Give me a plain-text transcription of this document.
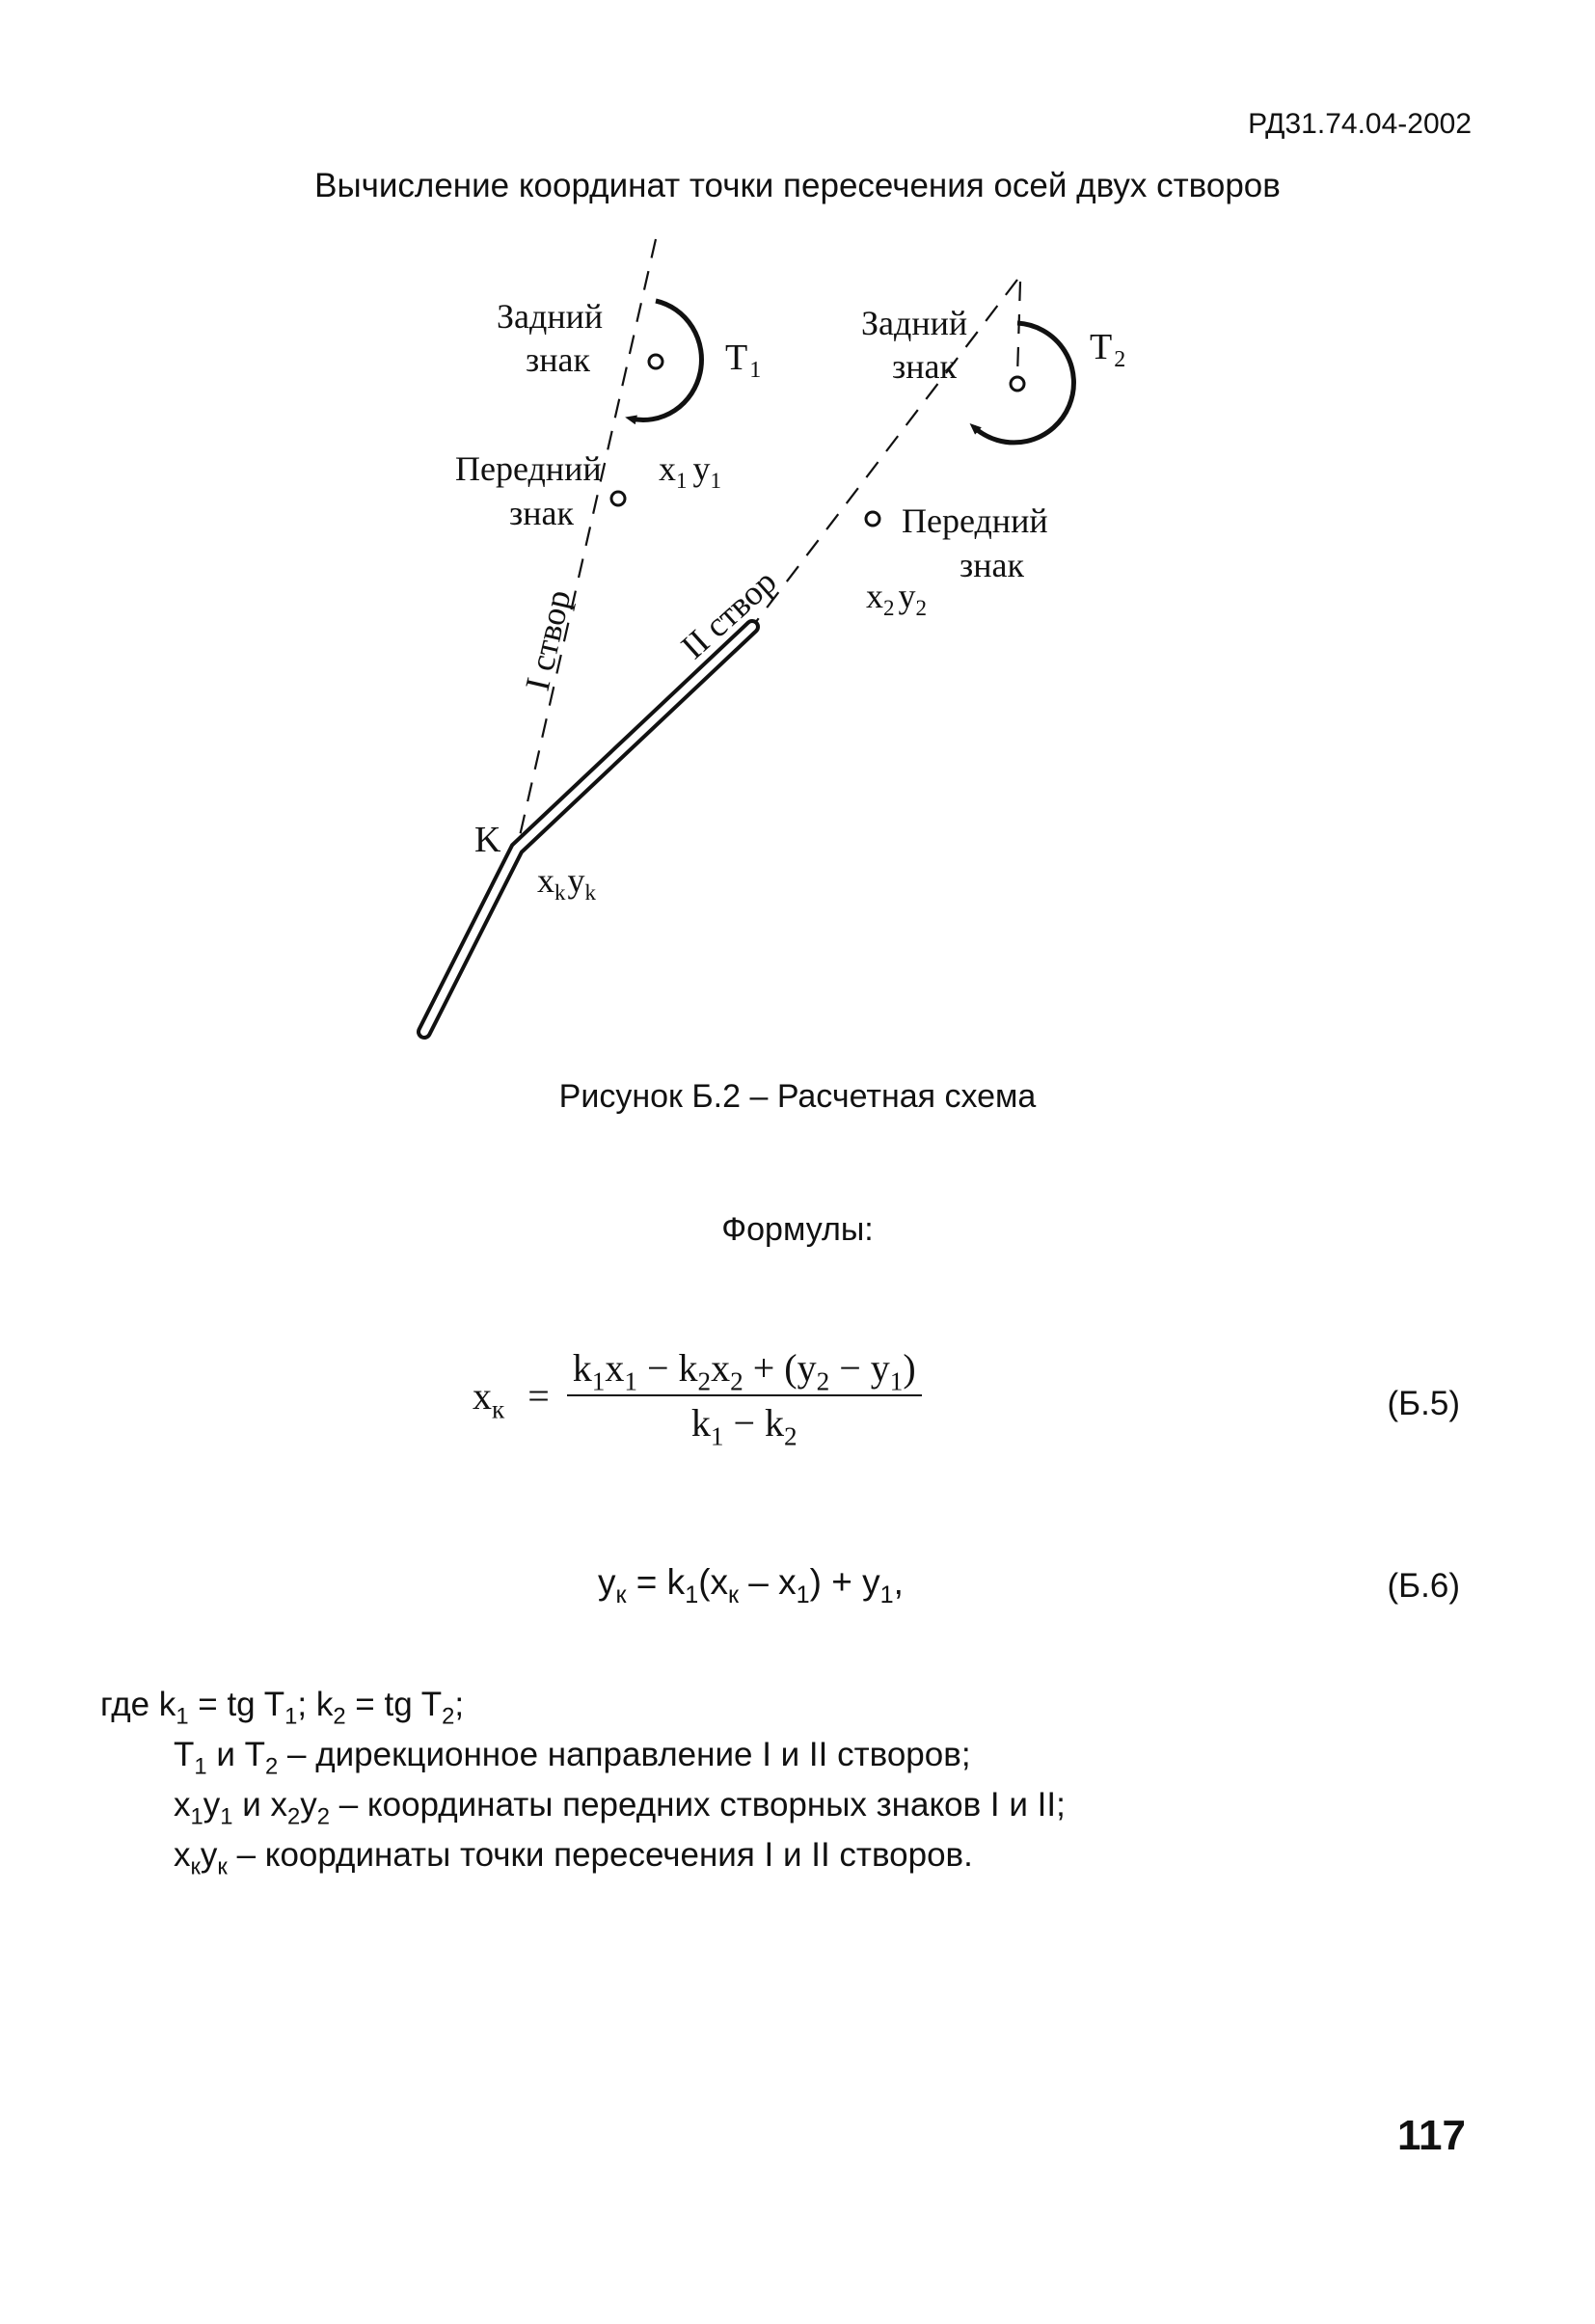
РД31.74.04-2002
Вычисление координат точки пересечения осей двух створов
Задний
знак	$T_1$
Задний
знак	$T_2$
Передний
знак
$x_1$ $y_1$
Передний
знак
$x_2$ $y_2$
I створ	II створ
K
$x_ky_k$
Рисунок Б.2 – Расчетная схема
Формулы:
$x_к = \frac{k_1x_1 - k_2x_2 + (y_2 - y_1)}{k_1 - k_2}$	(Б.5)
$y_к = k_1(x_к - x_1) + y_1$,	(Б.6)
где $k_1$ = tg $T_1$; $k_2$ = tg $T_2$;
$T_1$ и $T_2$ – дирекционное направление I и II створов;
$x_1y_1$ и $x_2y_2$ – координаты передних створных знаков I и II;
$x_кy_к$ – координаты точки пересечения I и II створов.
117
